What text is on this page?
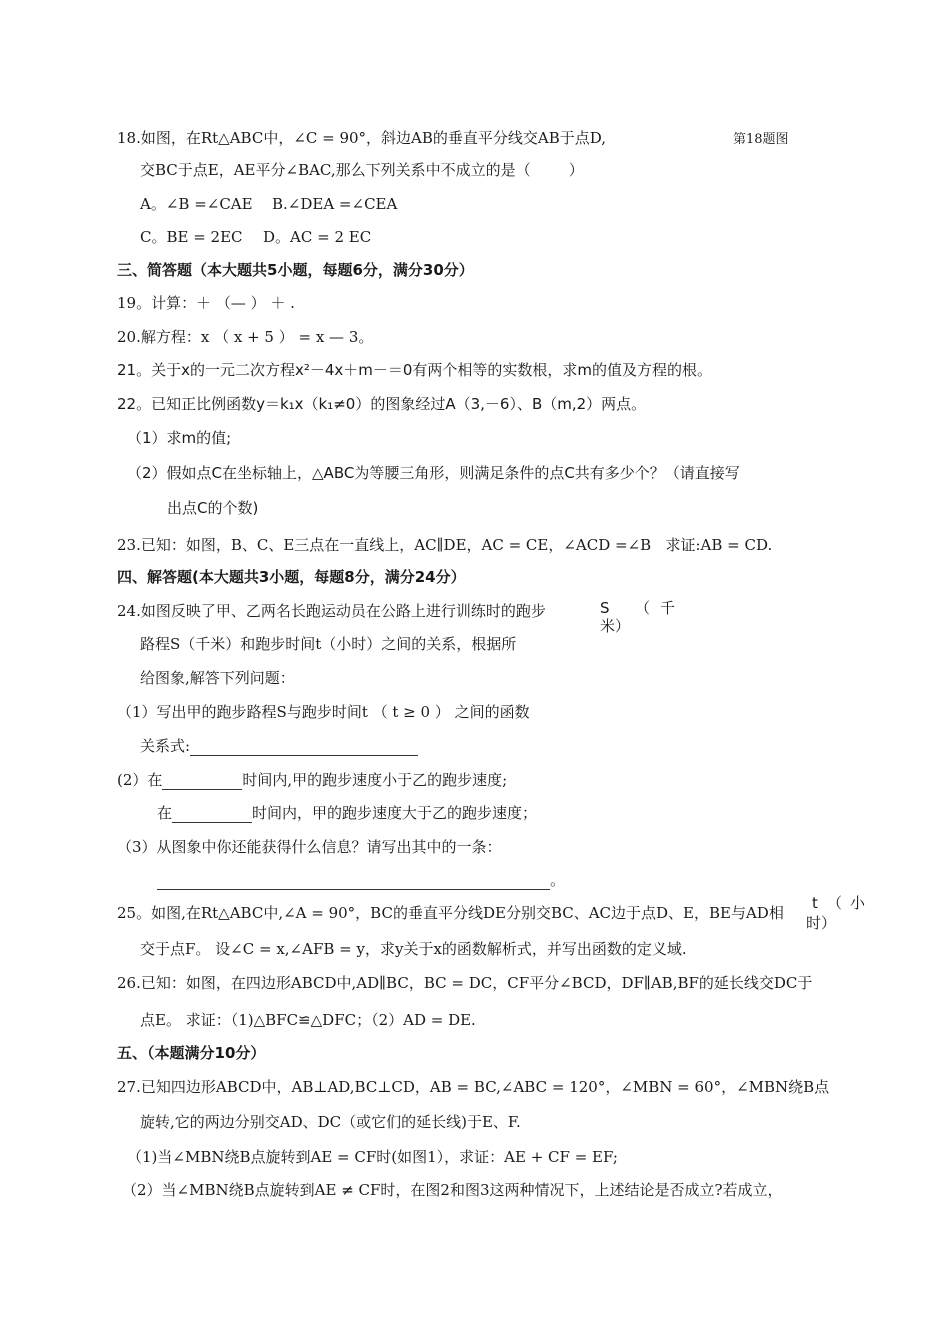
18.如图，在Rt△ABC中，∠C = 90°，斜边AB的垂直平分线交AB于点D,	第18题图
交BC于点E，AE平分∠BAC,那么下列关系中不成立的是（        ）
A。∠B =∠CAE B.∠DEA =∠CEA
C。BE = 2EC D。AC = 2 EC
三、简答题（本大题共5小题，每题6分，满分30分）
19。计算：＋ （— ） ＋ .
20.解方程：x （ x + 5 ） = x — 3。
21。关于x的一元二次方程x²－4x＋m－＝0有两个相等的实数根，求m的值及方程的根。
22。已知正比例函数y＝k₁x（k₁≠0）的图象经过A（3,－6）、B（m,2）两点。
（1）求m的值;
（2）假如点C在坐标轴上，△ABC为等腰三角形，则满足条件的点C共有多少个？（请直接写
出点C的个数)
23.已知：如图，B、C、E三点在一直线上，AC∥DE，AC = CE，∠ACD =∠B   求证:AB = CD.
四、解答题(本大题共3小题，每题8分，满分24分）
24.如图反映了甲、乙两名长跑运动员在公路上进行训练时的跑步	S （ 千
米）
路程S（千米）和跑步时间t（小时）之间的关系，根据所
给图象,解答下列问题：
（1）写出甲的跑步路程S与跑步时间t （ t ≥ 0 ） 之间的函数
关系式:
(2）在	时间内,甲的跑步速度小于乙的跑步速度;
在	时间内，甲的跑步速度大于乙的跑步速度；
（3）从图象中你还能获得什么信息？请写出其中的一条：
。
25。如图,在Rt△ABC中,∠A = 90°，BC的垂直平分线DE分别交BC、AC边于点D、E，BE与AD相
t （ 小
时）
交于点F。 设∠C = x,∠AFB = y，求y关于x的函数解析式，并写出函数的定义域.
26.已知：如图，在四边形ABCD中,AD∥BC，BC = DC，CF平分∠BCD，DF∥AB,BF的延长线交DC于
点E。 求证：（1)△BFC≌△DFC；（2）AD = DE.
五、（本题满分10分）
27.已知四边形ABCD中，AB⊥AD,BC⊥CD，AB = BC,∠ABC = 120°，∠MBN = 60°，∠MBN绕B点
旋转,它的两边分别交AD、DC（或它们的延长线)于E、F.
（1)当∠MBN绕B点旋转到AE = CF时(如图1），求证：AE + CF = EF;
（2）当∠MBN绕B点旋转到AE ≠ CF时，在图2和图3这两种情况下，上述结论是否成立?若成立，
